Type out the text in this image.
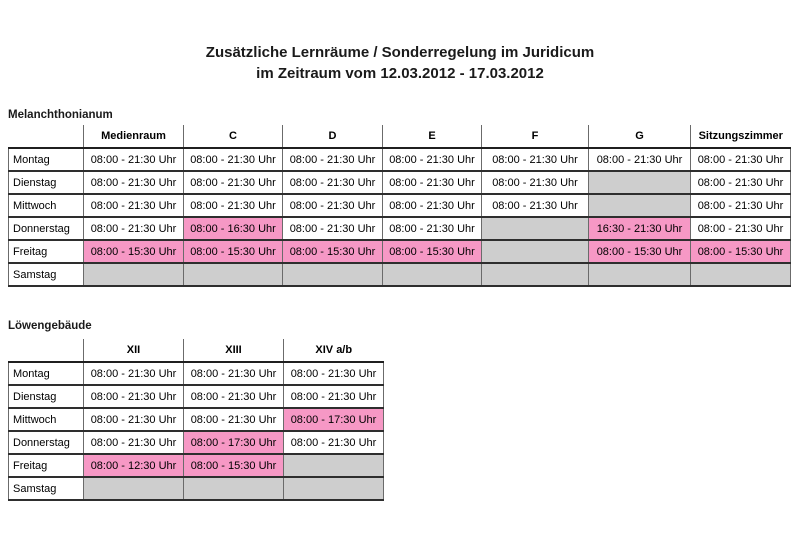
Zusätzliche Lernräume / Sonderregelung im Juridicum
im Zeitraum vom 12.03.2012 - 17.03.2012
Melanchthonianum
	Medienraum	C	D	E	F	G	Sitzungszimmer
Montag	08:00 - 21:30 Uhr	08:00 - 21:30 Uhr	08:00 - 21:30 Uhr	08:00 - 21:30 Uhr	08:00 - 21:30 Uhr	08:00 - 21:30 Uhr	08:00 - 21:30 Uhr
Dienstag	08:00 - 21:30 Uhr	08:00 - 21:30 Uhr	08:00 - 21:30 Uhr	08:00 - 21:30 Uhr	08:00 - 21:30 Uhr		08:00 - 21:30 Uhr
Mittwoch	08:00 - 21:30 Uhr	08:00 - 21:30 Uhr	08:00 - 21:30 Uhr	08:00 - 21:30 Uhr	08:00 - 21:30 Uhr		08:00 - 21:30 Uhr
Donnerstag	08:00 - 21:30 Uhr	08:00 - 16:30 Uhr	08:00 - 21:30 Uhr	08:00 - 21:30 Uhr		16:30 - 21:30 Uhr	08:00 - 21:30 Uhr
Freitag	08:00 - 15:30 Uhr	08:00 - 15:30 Uhr	08:00 - 15:30 Uhr	08:00 - 15:30 Uhr		08:00 - 15:30 Uhr	08:00 - 15:30 Uhr
Samstag							
Löwengebäude
	XII	XIII	XIV a/b
Montag	08:00 - 21:30 Uhr	08:00 - 21:30 Uhr	08:00 - 21:30 Uhr
Dienstag	08:00 - 21:30 Uhr	08:00 - 21:30 Uhr	08:00 - 21:30 Uhr
Mittwoch	08:00 - 21:30 Uhr	08:00 - 21:30 Uhr	08:00 - 17:30 Uhr
Donnerstag	08:00 - 21:30 Uhr	08:00 - 17:30 Uhr	08:00 - 21:30 Uhr
Freitag	08:00 - 12:30 Uhr	08:00 - 15:30 Uhr	
Samstag			
